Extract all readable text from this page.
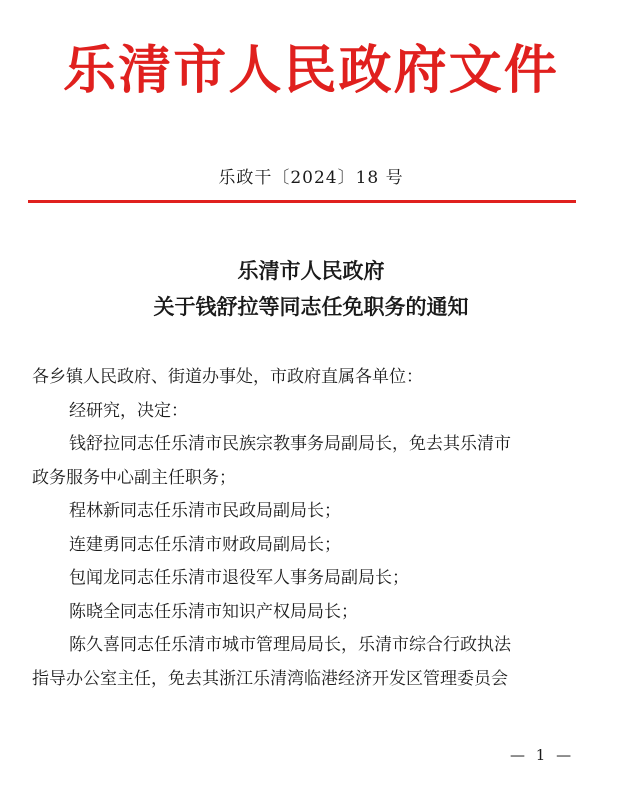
乐清市人民政府文件
乐政干〔2024〕18 号
乐清市人民政府
关于钱舒拉等同志任免职务的通知

各乡镇人民政府、街道办事处，市政府直属各单位：

经研究，决定：

钱舒拉同志任乐清市民族宗教事务局副局长，免去其乐清市

政务服务中心副主任职务；

程林新同志任乐清市民政局副局长；

连建勇同志任乐清市财政局副局长；

包闻龙同志任乐清市退役军人事务局副局长；

陈晓全同志任乐清市知识产权局局长；

陈久喜同志任乐清市城市管理局局长，乐清市综合行政执法

指导办公室主任，免去其浙江乐清湾临港经济开发区管理委员会

— 1 —
